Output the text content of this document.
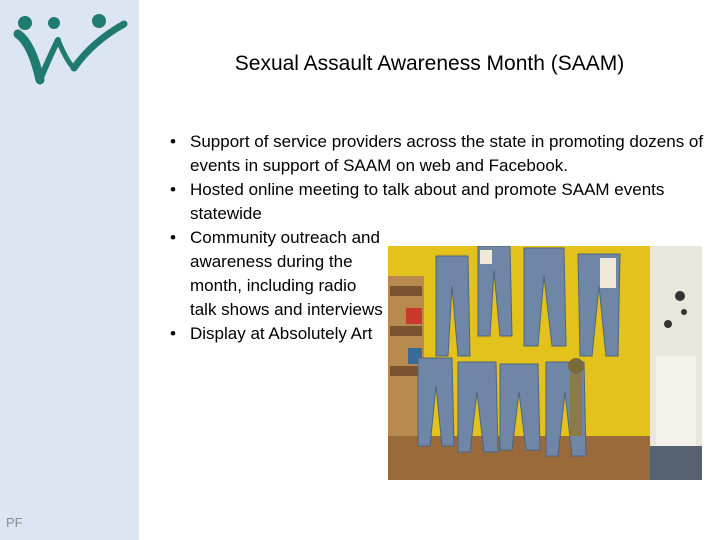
PF
Sexual Assault Awareness Month (SAAM)
• Support of service providers across the state in promoting dozens of events in support of SAAM on web and Facebook.
• Hosted online meeting to talk about and promote SAAM events statewide
• Community outreach and awareness during the month, including radio talk shows and interviews
• Display at Absolutely Art
